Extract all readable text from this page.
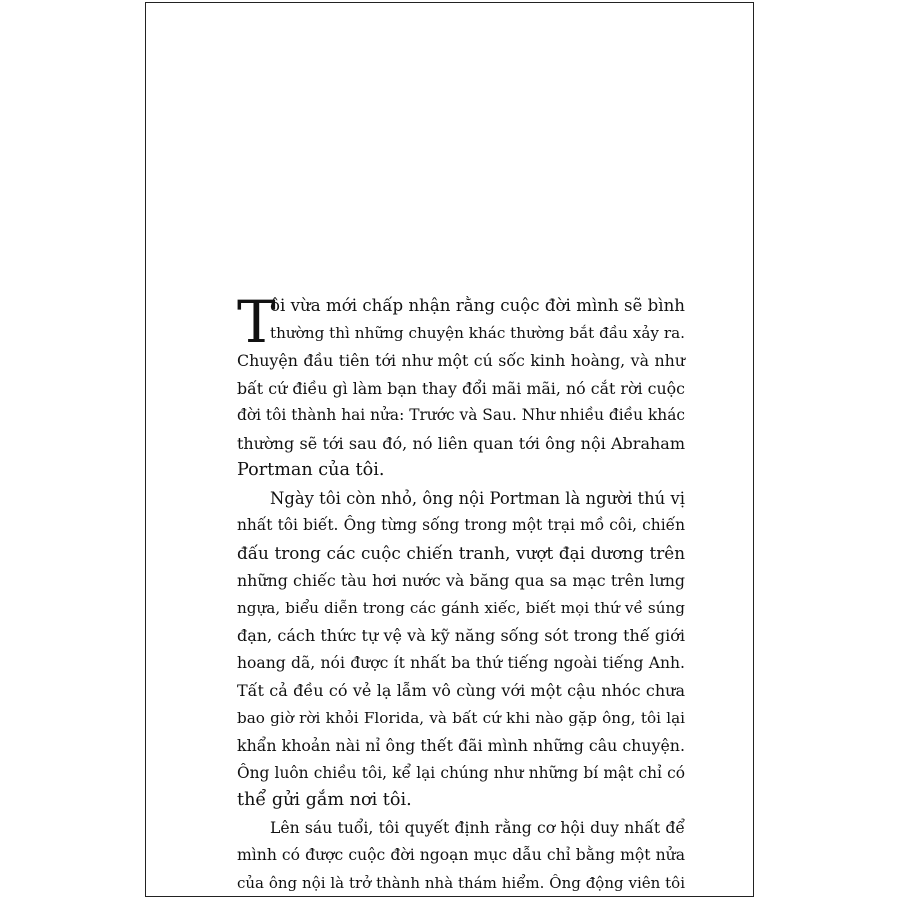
T
ôi vừa mới chấp nhận rằng cuộc đời mình sẽ bình
thường thì những chuyện khác thường bắt đầu xảy ra.
Chuyện đầu tiên tới như một cú sốc kinh hoàng, và như
bất cứ điều gì làm bạn thay đổi mãi mãi, nó cắt rời cuộc
đời tôi thành hai nửa: Trước và Sau. Như nhiều điều khác
thường sẽ tới sau đó, nó liên quan tới ông nội Abraham
Portman của tôi.
Ngày tôi còn nhỏ, ông nội Portman là người thú vị
nhất tôi biết. Ông từng sống trong một trại mồ côi, chiến
đấu trong các cuộc chiến tranh, vượt đại dương trên
những chiếc tàu hơi nước và băng qua sa mạc trên lưng
ngựa, biểu diễn trong các gánh xiếc, biết mọi thứ về súng
đạn, cách thức tự vệ và kỹ năng sống sót trong thế giới
hoang dã, nói được ít nhất ba thứ tiếng ngoài tiếng Anh.
Tất cả đều có vẻ lạ lẫm vô cùng với một cậu nhóc chưa
bao giờ rời khỏi Florida, và bất cứ khi nào gặp ông, tôi lại
khẩn khoản nài nỉ ông thết đãi mình những câu chuyện.
Ông luôn chiều tôi, kể lại chúng như những bí mật chỉ có
thể gửi gắm nơi tôi.
Lên sáu tuổi, tôi quyết định rằng cơ hội duy nhất để
mình có được cuộc đời ngoạn mục dẫu chỉ bằng một nửa
của ông nội là trở thành nhà thám hiểm. Ông động viên tôi
